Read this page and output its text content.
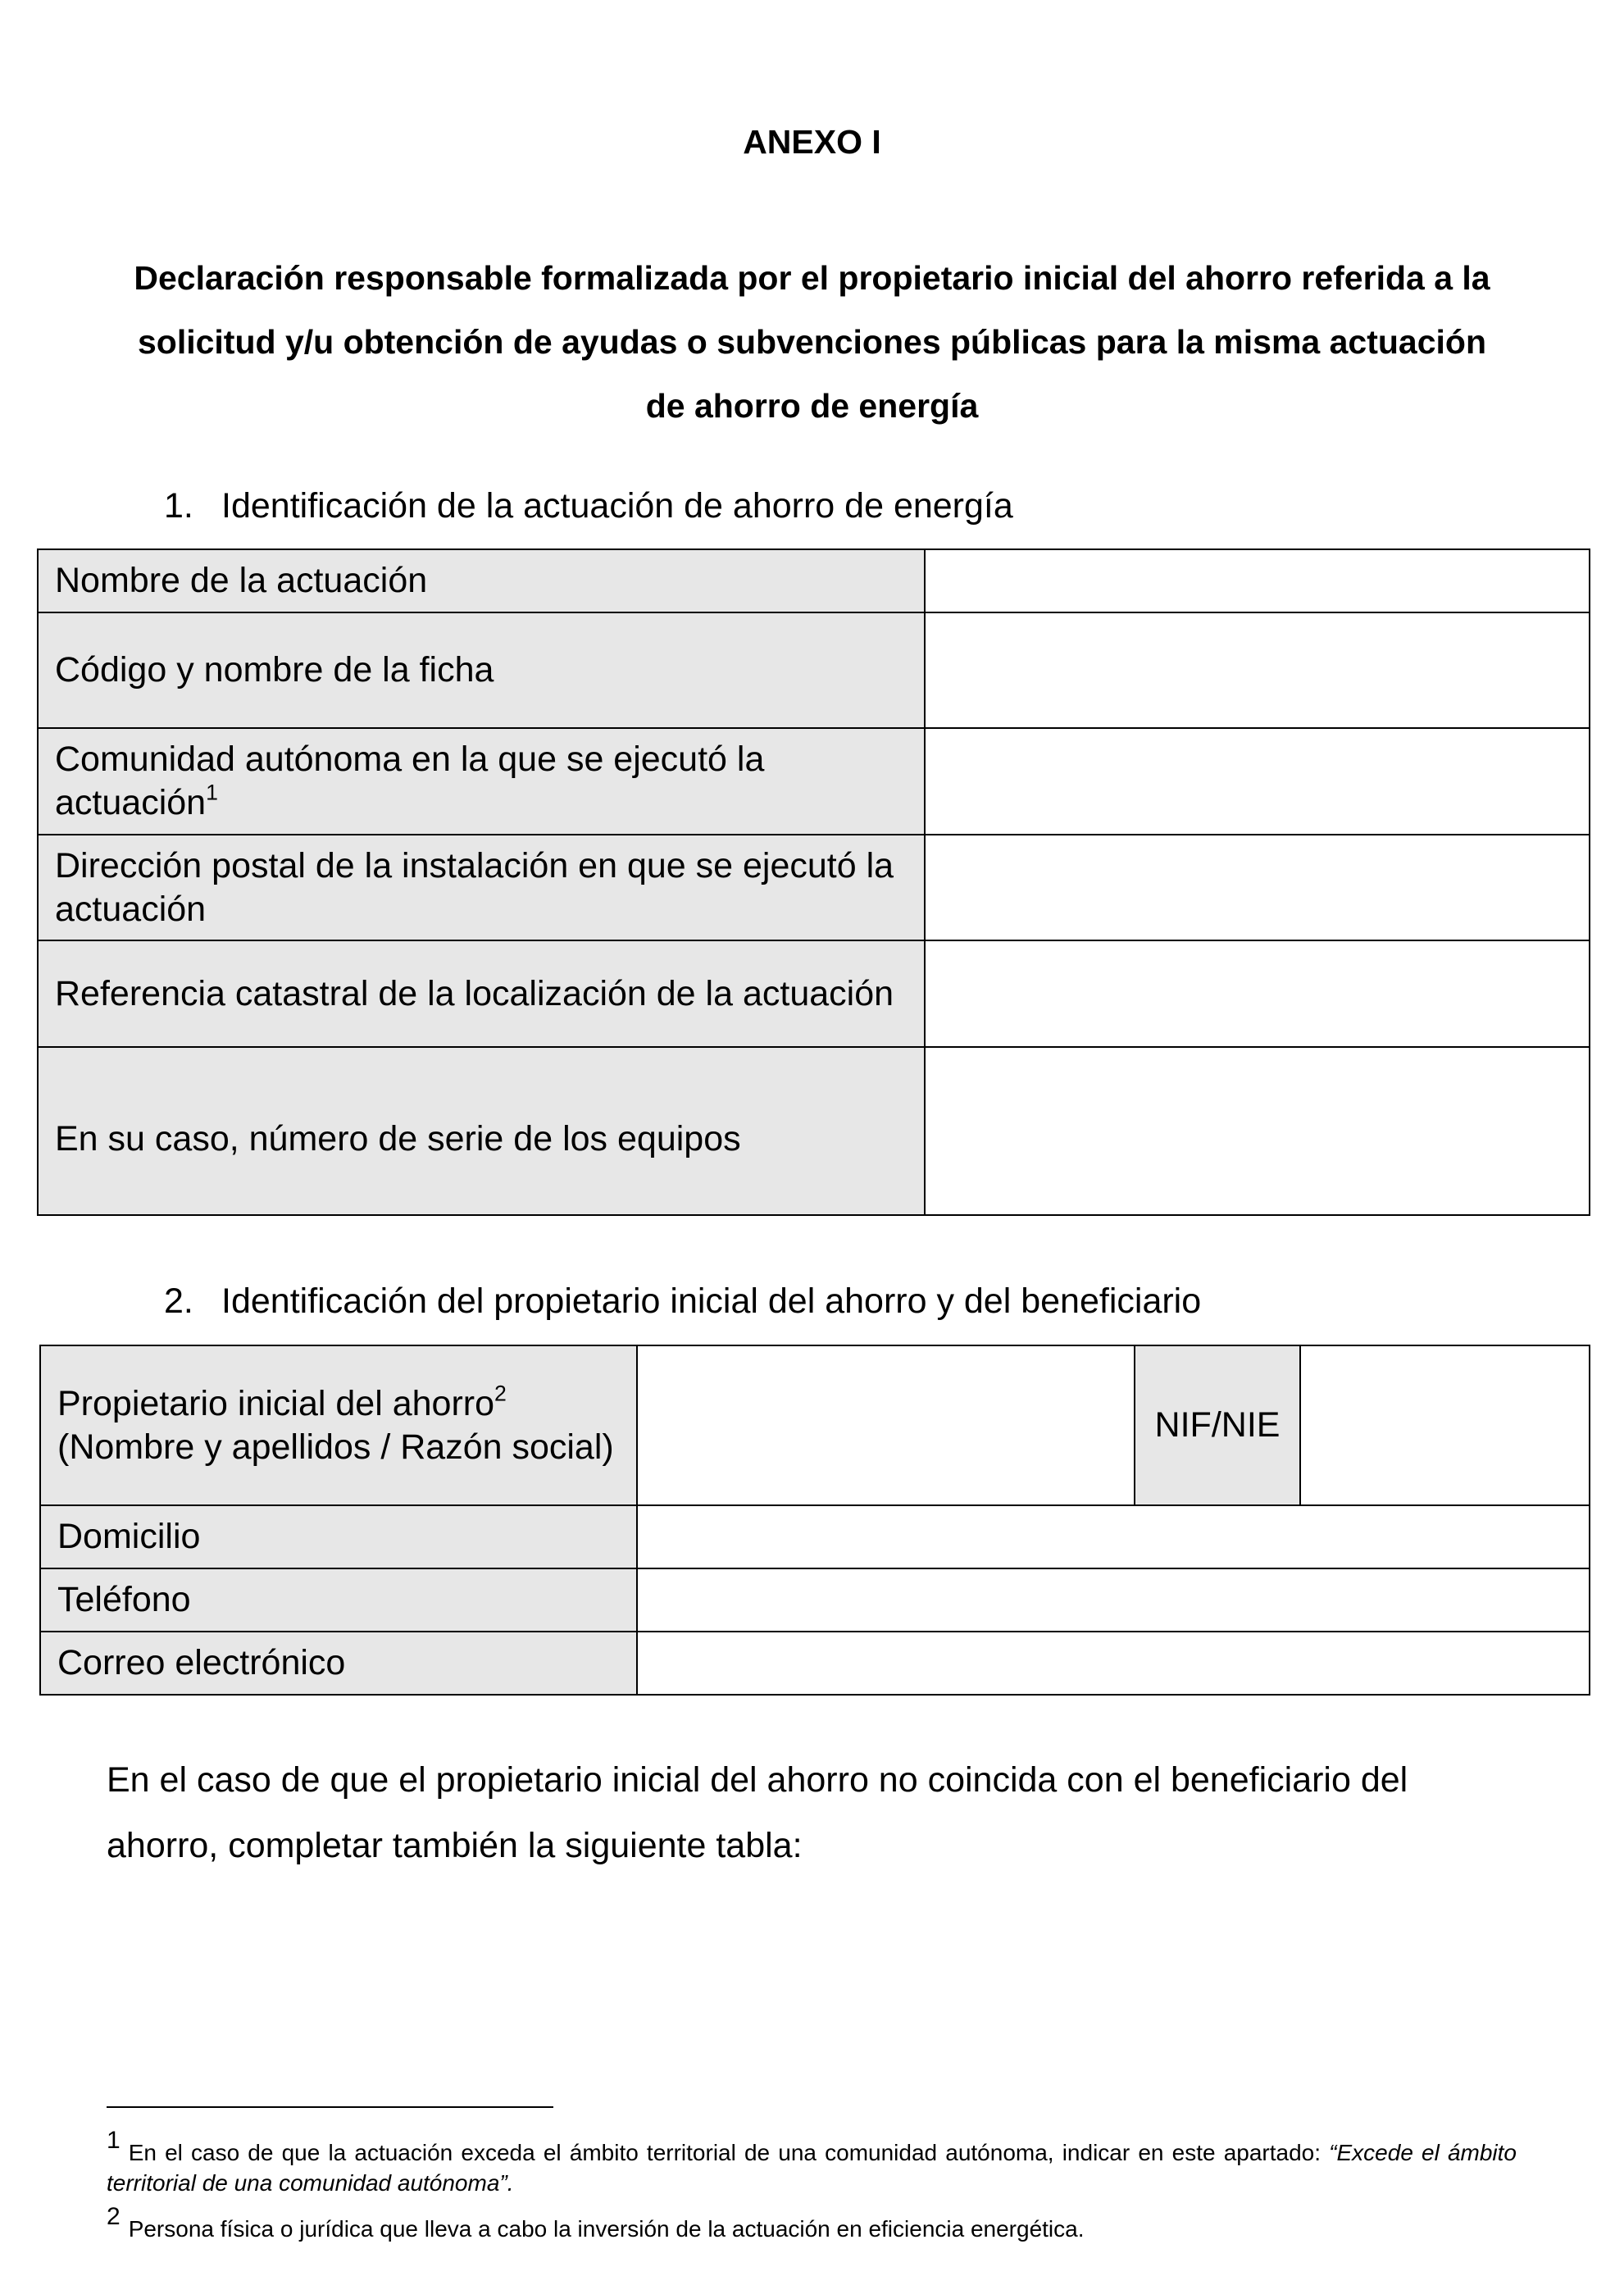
ANEXO I
Declaración responsable formalizada por el propietario inicial del ahorro referida a la solicitud y/u obtención de ayudas o subvenciones públicas para la misma actuación de ahorro de energía
1. Identificación de la actuación de ahorro de energía
Nombre de la actuación	
Código y nombre de la ficha	
Comunidad autónoma en la que se ejecutó la actuación$^1$	
Dirección postal de la instalación en que se ejecutó la actuación	
Referencia catastral de la localización de la actuación	
En su caso, número de serie de los equipos	
2. Identificación del propietario inicial del ahorro y del beneficiario
Propietario inicial del ahorro$^2$
(Nombre y apellidos / Razón social)		NIF/NIE	
Domicilio			
Teléfono			
Correo electrónico			
En el caso de que el propietario inicial del ahorro no coincida con el beneficiario del ahorro, completar también la siguiente tabla:
1 En el caso de que la actuación exceda el ámbito territorial de una comunidad autónoma, indicar en este apartado: “Excede el ámbito territorial de una comunidad autónoma”.
2 Persona física o jurídica que lleva a cabo la inversión de la actuación en eficiencia energética.
